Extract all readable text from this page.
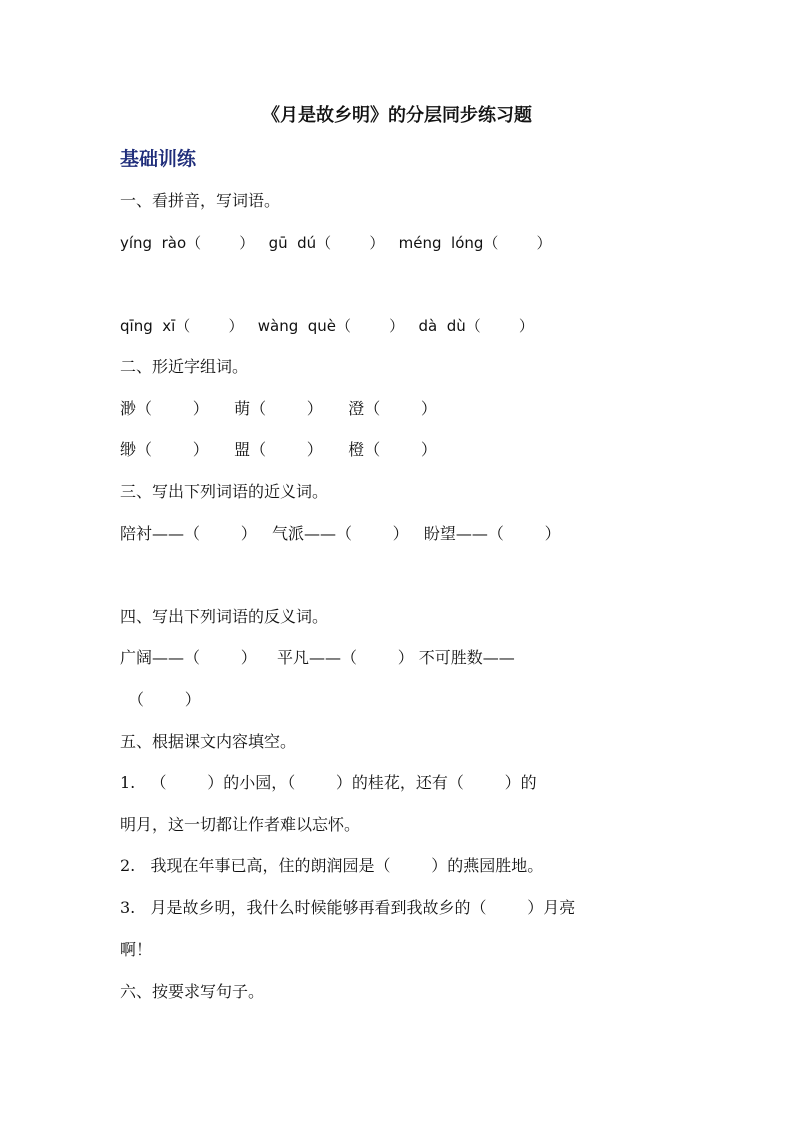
《月是故乡明》的分层同步练习题
基础训练
一、看拼音，写词语。
yíng  rào（        ）   gū  dú（        ）   méng  lóng（        ）
qīng  xī（        ）   wàng  què（        ）   dà  dù（        ）
二、形近字组词。
渺（        ）     萌（        ）     澄（        ）
缈（        ）     盟（        ）     橙（        ）
三、写出下列词语的近义词。
陪衬——（        ）   气派——（        ）   盼望——（        ）
四、写出下列词语的反义词。
广阔——（        ）    平凡——（        ） 不可胜数——
（        ）
五、根据课文内容填空。
1.   （        ）的小园，（        ）的桂花，还有（        ）的
明月，这一切都让作者难以忘怀。
2.   我现在年事已高，住的朗润园是（        ）的燕园胜地。
3.   月是故乡明，我什么时候能够再看到我故乡的（        ）月亮
啊！
六、按要求写句子。
